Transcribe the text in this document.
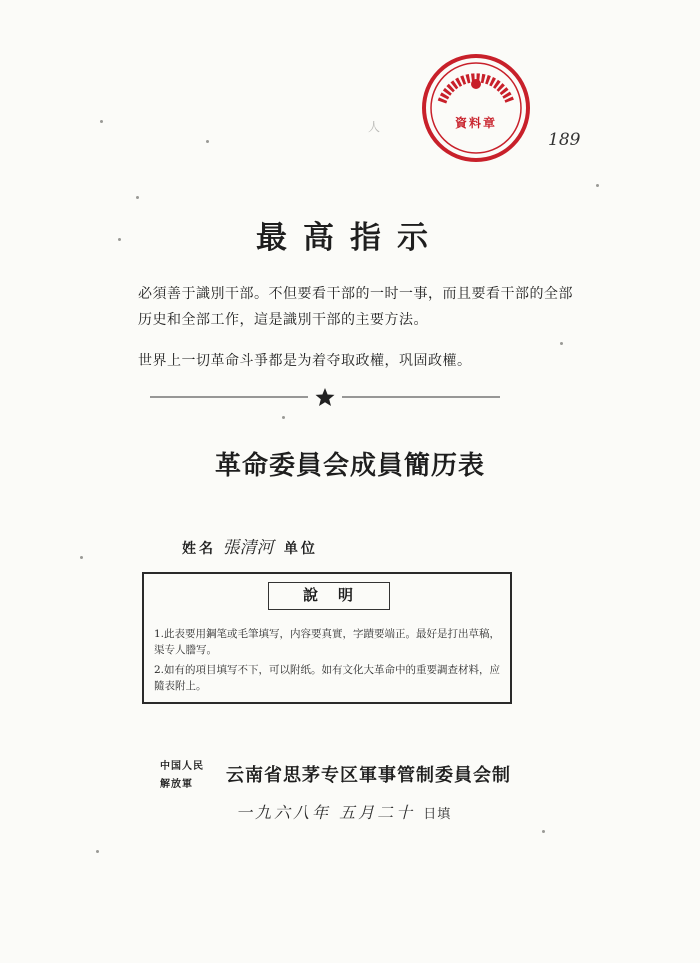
人	資料章
189
最高指示
必須善于識別干部。不但要看干部的一时一事，而且要看干部的全部历史和全部工作，這是識別干部的主要方法。
世界上一切革命斗爭都是为着夺取政權，巩固政權。
革命委員会成員簡历表
姓名 張清河 单位
說明
1.此表要用鋼笔或毛筆填写，内容要真實，字蹟要端正。最好是打出草稿，渠专人謄写。
2.如有的項目填写不下，可以附纸。如有文化大革命中的重要調查材料，应隨表附上。
中国人民
解放軍	云南省思茅专区軍事管制委員会制
一九六八年 五月二十 日填
